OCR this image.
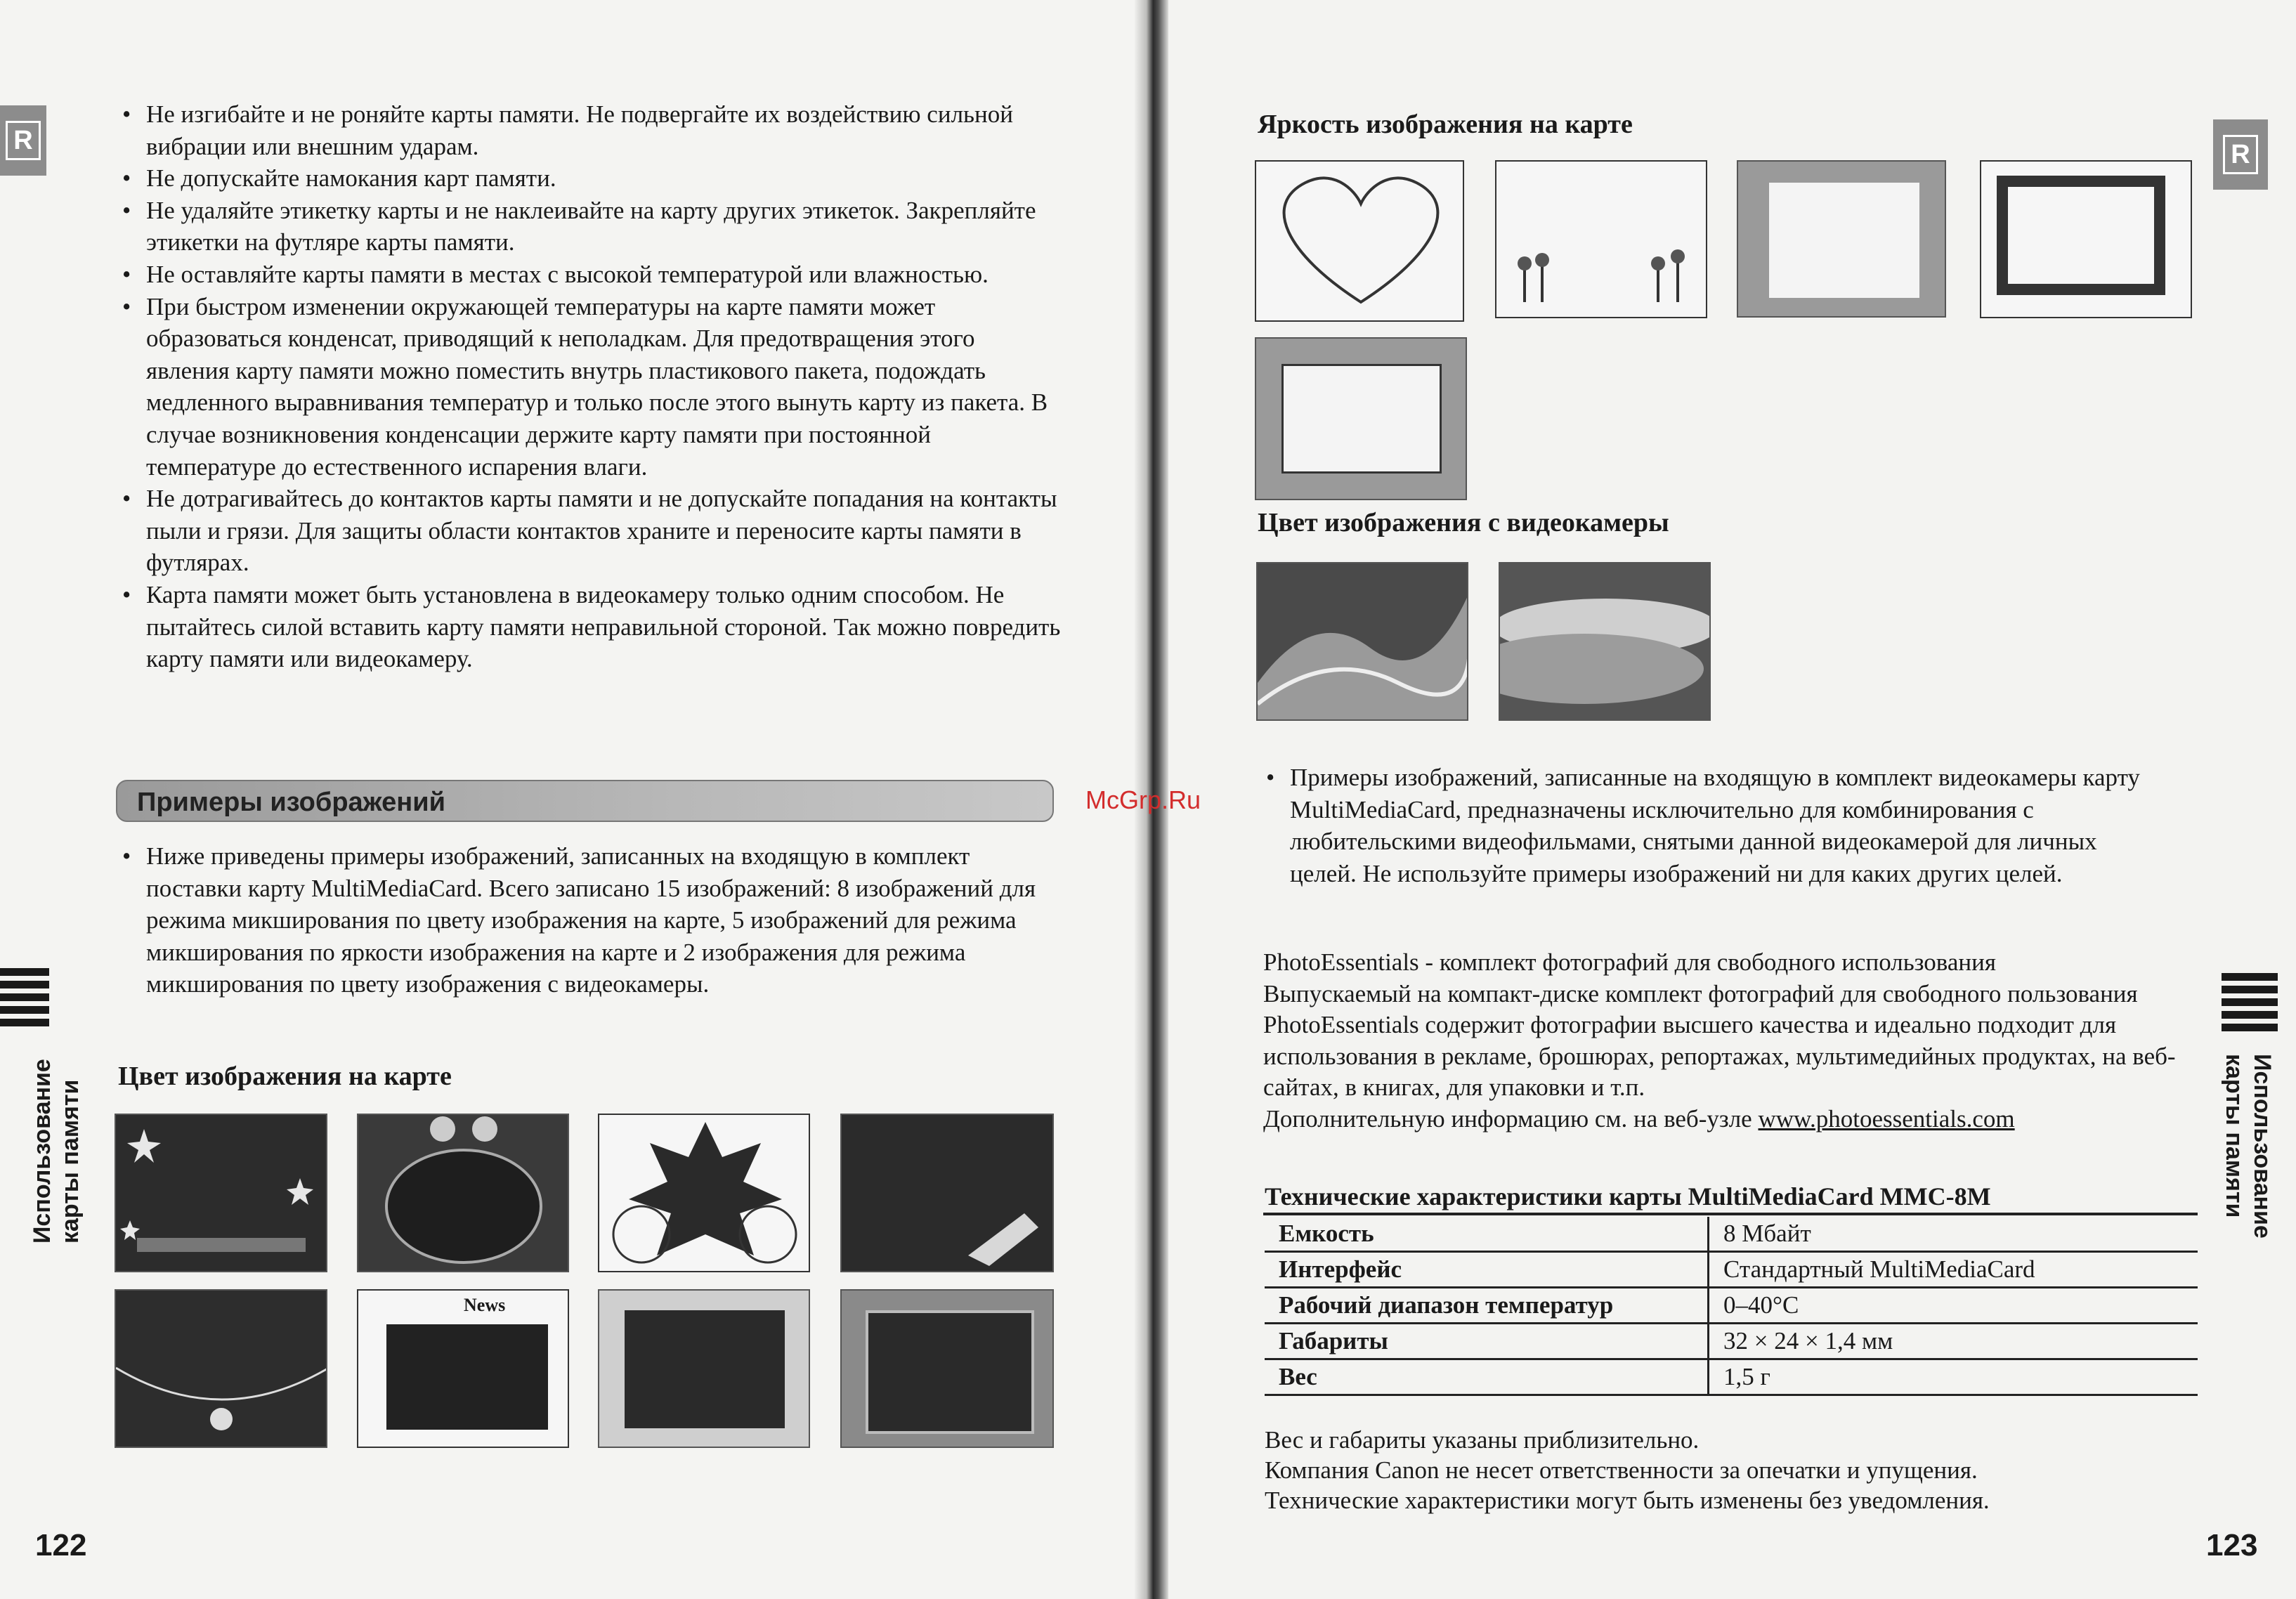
R
• Не изгибайте и не роняйте карты памяти. Не подвергайте их воздействию сильной вибрации или внешним ударам.
• Не допускайте намокания карт памяти.
• Не удаляйте этикетку карты и не наклеивайте на карту других этикеток. Закрепляйте этикетки на футляре карты памяти.
• Не оставляйте карты памяти в местах с высокой температурой или влажностью.
• При быстром изменении окружающей температуры на карте памяти может образоваться конденсат, приводящий к неполадкам. Для предотвращения этого явления карту памяти можно поместить внутрь пластикового пакета, подождать медленного выравнивания температур и только после этого вынуть карту из пакета. В случае возникновения конденсации держите карту памяти при постоянной температуре до естественного испарения влаги.
• Не дотрагивайтесь до контактов карты памяти и не допускайте попадания на контакты пыли и грязи. Для защиты области контактов храните и переносите карты памяти в футлярах.
• Карта памяти может быть установлена в видеокамеру только одним способом. Не пытайтесь силой вставить карту памяти неправильной стороной. Так можно повредить карту памяти или видеокамеру.
Примеры изображений
• Ниже приведены примеры изображений, записанных на входящую в комплект поставки карту MultiMediaCard. Всего записано 15 изображений: 8 изображений для режима микширования по цвету изображения на карте, 5 изображений для режима микширования по яркости изображения на карте и 2 изображения для режима микширования по цвету изображения с видеокамеры.
Цвет изображения на карте
News
Использование карты памяти
122
McGrp.Ru
R
Яркость изображения на карте
Цвет изображения с видеокамеры
• Примеры изображений, записанные на входящую в комплект видеокамеры карту MultiMediaCard, предназначены исключительно для комбинирования с любительскими видеофильмами, снятыми данной видеокамерой для личных целей. Не используйте примеры изображений ни для каких других целей.
PhotoEssentials - комплект фотографий для свободного использования
Выпускаемый на компакт-диске комплект фотографий для свободного пользования PhotoEssentials содержит фотографии высшего качества и идеально подходит для использования в рекламе, брошюрах, репортажах, мультимедийных продуктах, на веб-сайтах, в книгах, для упаковки и т.п.
Дополнительную информацию см. на веб-узле www.photoessentials.com
Технические характеристики карты MultiMediaCard MMC-8M
Емкость	8 Мбайт
Интерфейс	Стандартный MultiMediaCard
Рабочий диапазон температур	0–40°C
Габариты	32 × 24 × 1,4 мм
Вес	1,5 г
Вес и габариты указаны приблизительно.
Компания Canon не несет ответственности за опечатки и упущения.
Технические характеристики могут быть изменены без уведомления.
Использование
карты памяти
123
